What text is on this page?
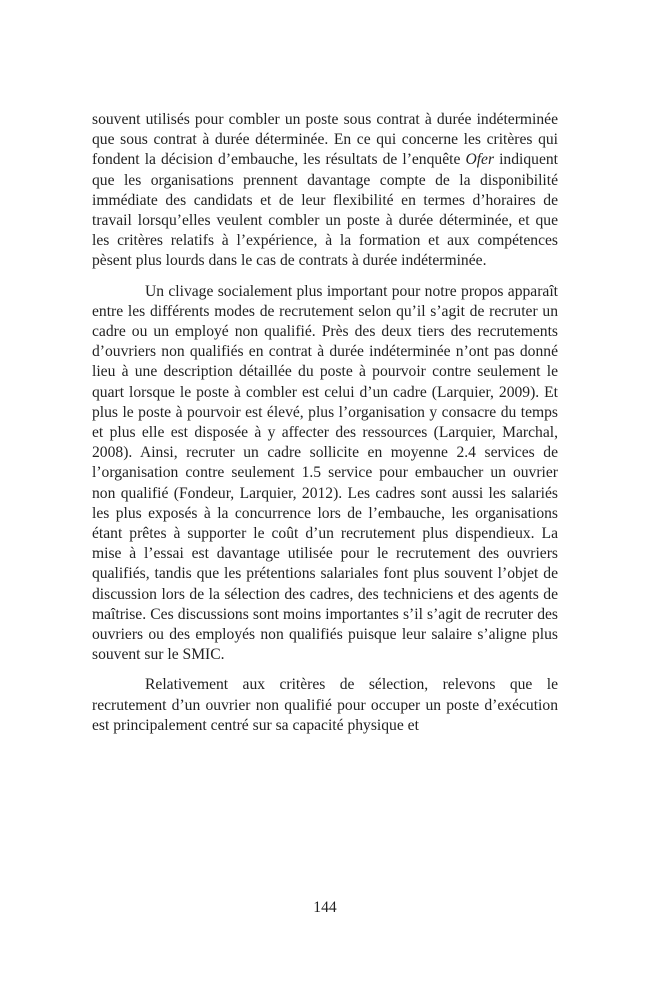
souvent utilisés pour combler un poste sous contrat à durée indéterminée que sous contrat à durée déterminée. En ce qui concerne les critères qui fondent la décision d’embauche, les résultats de l’enquête Ofer indiquent que les organisations prennent davantage compte de la disponibilité immédiate des candidats et de leur flexibilité en termes d’horaires de travail lorsqu’elles veulent combler un poste à durée déterminée, et que les critères relatifs à l’expérience, à la formation et aux compétences pèsent plus lourds dans le cas de contrats à durée indéterminée.

Un clivage socialement plus important pour notre propos apparaît entre les différents modes de recrutement selon qu’il s’agit de recruter un cadre ou un employé non qualifié. Près des deux tiers des recrutements d’ouvriers non qualifiés en contrat à durée indéterminée n’ont pas donné lieu à une description détaillée du poste à pourvoir contre seulement le quart lorsque le poste à combler est celui d’un cadre (Larquier, 2009). Et plus le poste à pourvoir est élevé, plus l’organisation y consacre du temps et plus elle est disposée à y affecter des ressources (Larquier, Marchal, 2008). Ainsi, recruter un cadre sollicite en moyenne 2.4 services de l’organisation contre seulement 1.5 service pour embaucher un ouvrier non qualifié (Fondeur, Larquier, 2012). Les cadres sont aussi les salariés les plus exposés à la concurrence lors de l’embauche, les organisations étant prêtes à supporter le coût d’un recrutement plus dispendieux. La mise à l’essai est davantage utilisée pour le recrutement des ouvriers qualifiés, tandis que les prétentions salariales font plus souvent l’objet de discussion lors de la sélection des cadres, des techniciens et des agents de maîtrise. Ces discussions sont moins importantes s’il s’agit de recruter des ouvriers ou des employés non qualifiés puisque leur salaire s’aligne plus souvent sur le SMIC.

Relativement aux critères de sélection, relevons que le recrutement d’un ouvrier non qualifié pour occuper un poste d’exécution est principalement centré sur sa capacité physique et

144
